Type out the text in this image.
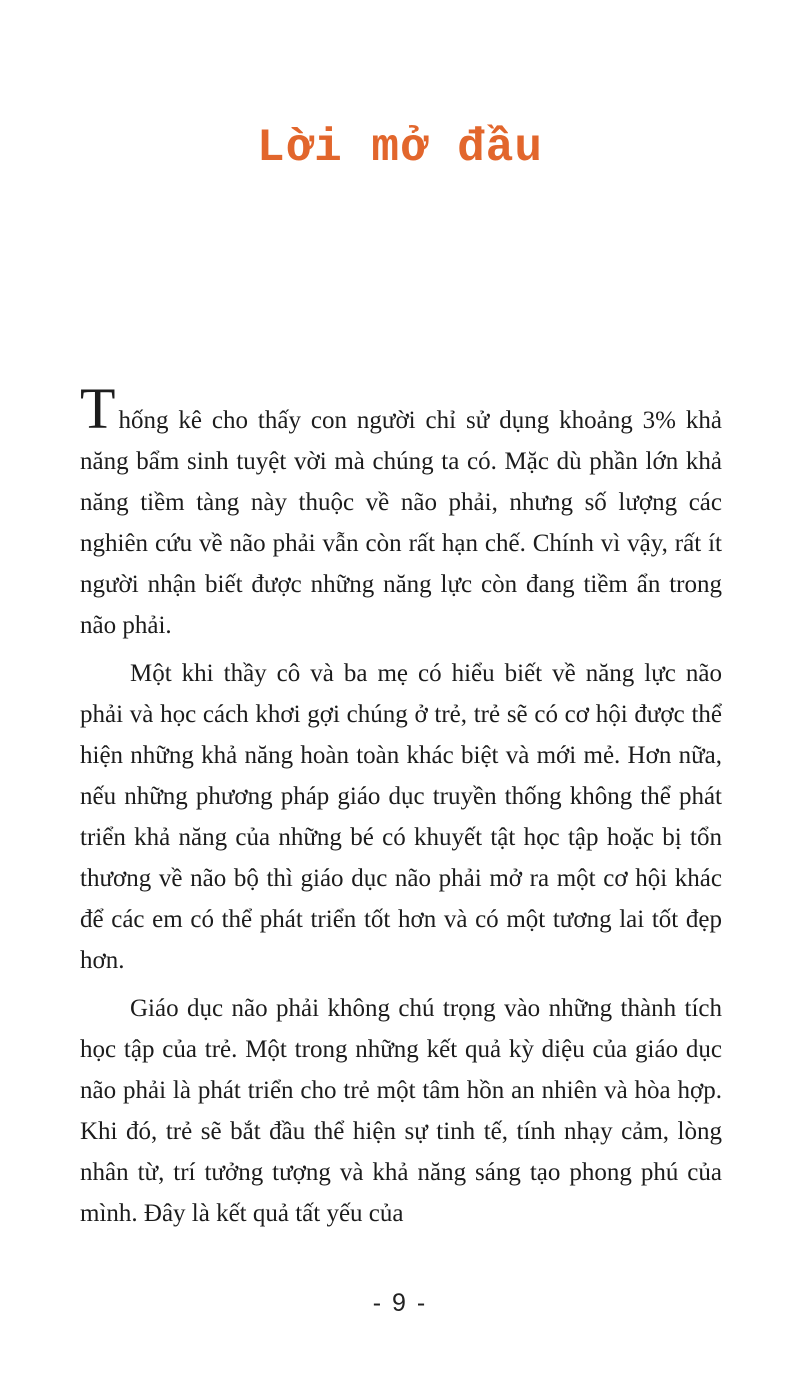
Lời mở đầu

Thống kê cho thấy con người chỉ sử dụng khoảng 3% khả năng bẩm sinh tuyệt vời mà chúng ta có. Mặc dù phần lớn khả năng tiềm tàng này thuộc về não phải, nhưng số lượng các nghiên cứu về não phải vẫn còn rất hạn chế. Chính vì vậy, rất ít người nhận biết được những năng lực còn đang tiềm ẩn trong não phải.

Một khi thầy cô và ba mẹ có hiểu biết về năng lực não phải và học cách khơi gợi chúng ở trẻ, trẻ sẽ có cơ hội được thể hiện những khả năng hoàn toàn khác biệt và mới mẻ. Hơn nữa, nếu những phương pháp giáo dục truyền thống không thể phát triển khả năng của những bé có khuyết tật học tập hoặc bị tổn thương về não bộ thì giáo dục não phải mở ra một cơ hội khác để các em có thể phát triển tốt hơn và có một tương lai tốt đẹp hơn.

Giáo dục não phải không chú trọng vào những thành tích học tập của trẻ. Một trong những kết quả kỳ diệu của giáo dục não phải là phát triển cho trẻ một tâm hồn an nhiên và hòa hợp. Khi đó, trẻ sẽ bắt đầu thể hiện sự tinh tế, tính nhạy cảm, lòng nhân từ, trí tưởng tượng và khả năng sáng tạo phong phú của mình. Đây là kết quả tất yếu của

- 9 -
